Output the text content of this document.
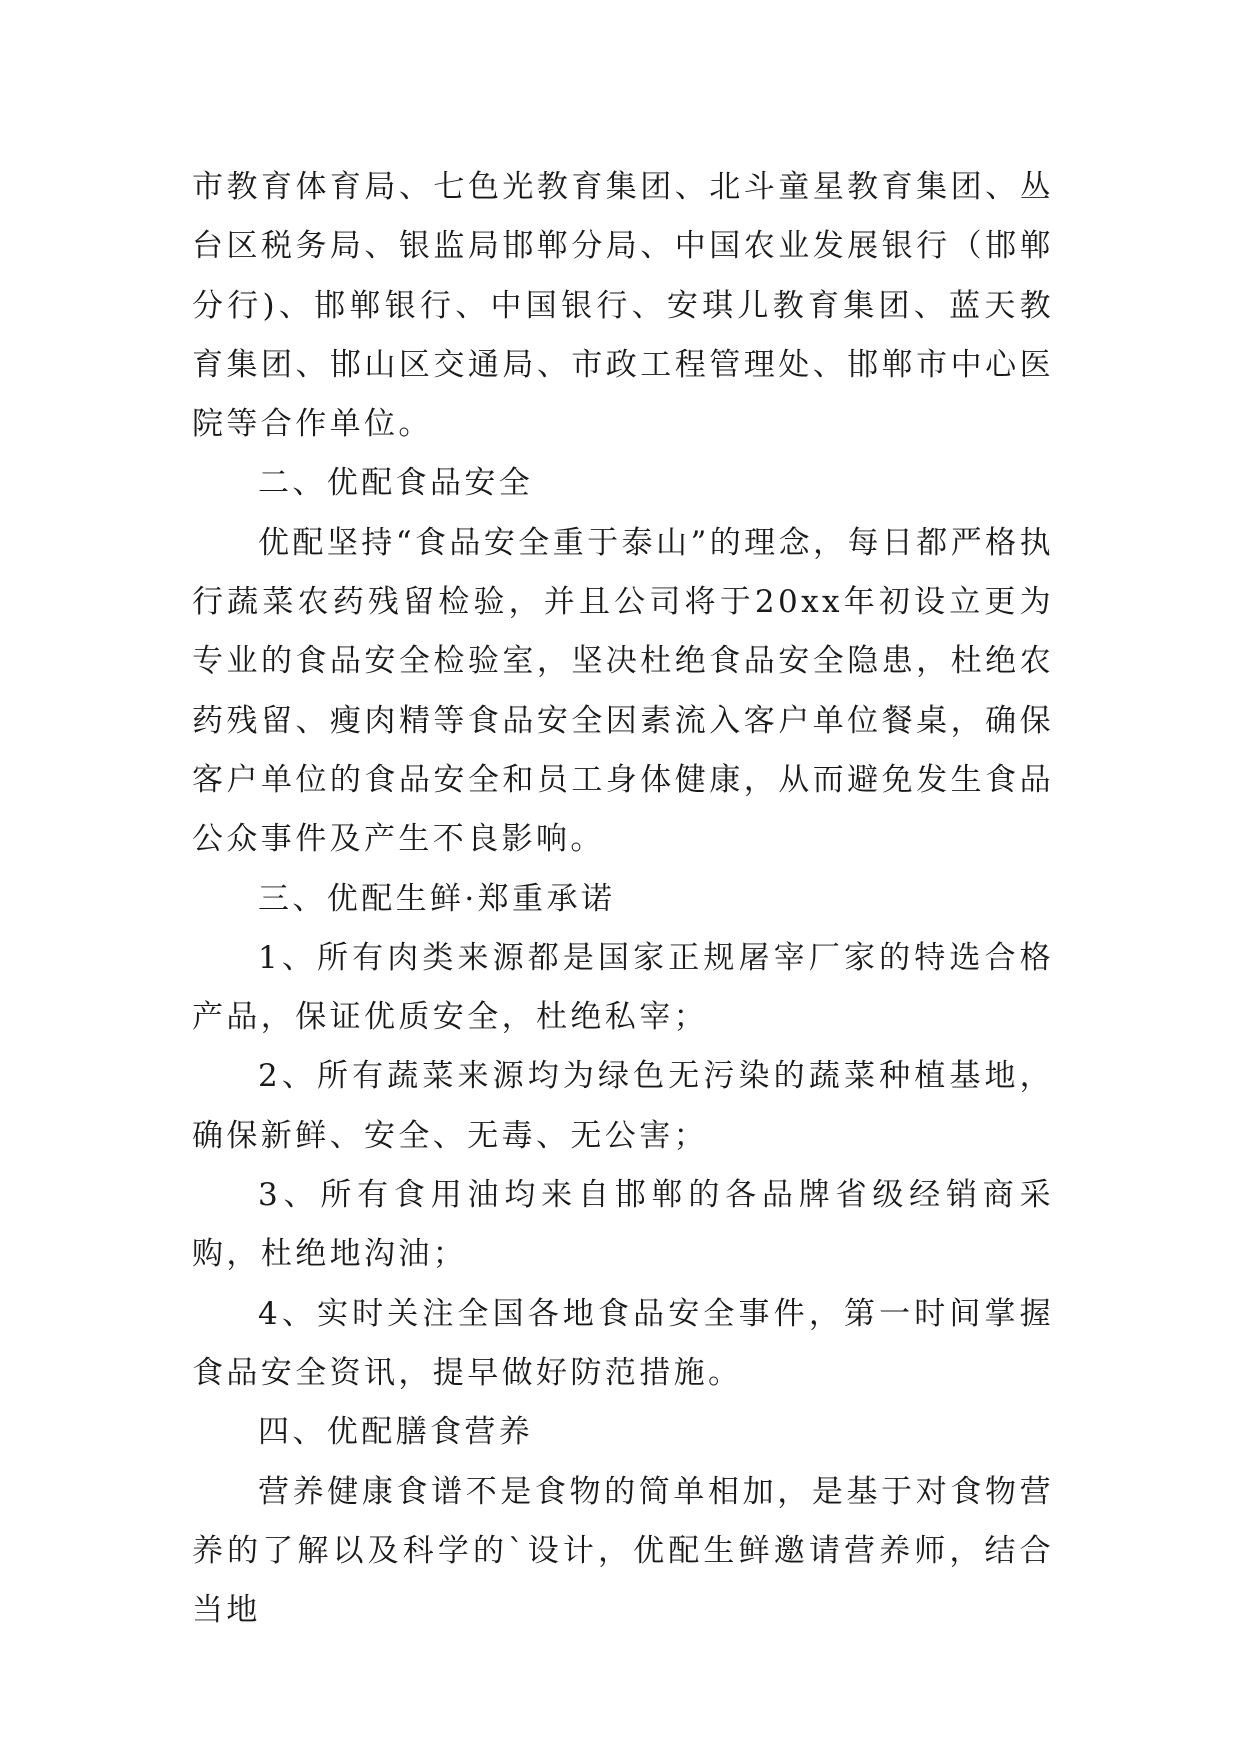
市教育体育局、七色光教育集团、北斗童星教育集团、丛台区税务局、银监局邯郸分局、中国农业发展银行（邯郸分行)、邯郸银行、中国银行、安琪儿教育集团、蓝天教育集团、邯山区交通局、市政工程管理处、邯郸市中心医院等合作单位。

二、优配食品安全

优配坚持“食品安全重于泰山”的理念，每日都严格执行蔬菜农药残留检验，并且公司将于20xx年初设立更为专业的食品安全检验室，坚决杜绝食品安全隐患，杜绝农药残留、瘦肉精等食品安全因素流入客户单位餐桌，确保客户单位的食品安全和员工身体健康，从而避免发生食品公众事件及产生不良影响。

三、优配生鲜·郑重承诺

1、所有肉类来源都是国家正规屠宰厂家的特选合格产品，保证优质安全，杜绝私宰；

2、所有蔬菜来源均为绿色无污染的蔬菜种植基地，确保新鲜、安全、无毒、无公害；

3、所有食用油均来自邯郸的各品牌省级经销商采购，杜绝地沟油；

4、实时关注全国各地食品安全事件，第一时间掌握食品安全资讯，提早做好防范措施。

四、优配膳食营养

营养健康食谱不是食物的简单相加，是基于对食物营养的了解以及科学的`设计，优配生鲜邀请营养师，结合当地
